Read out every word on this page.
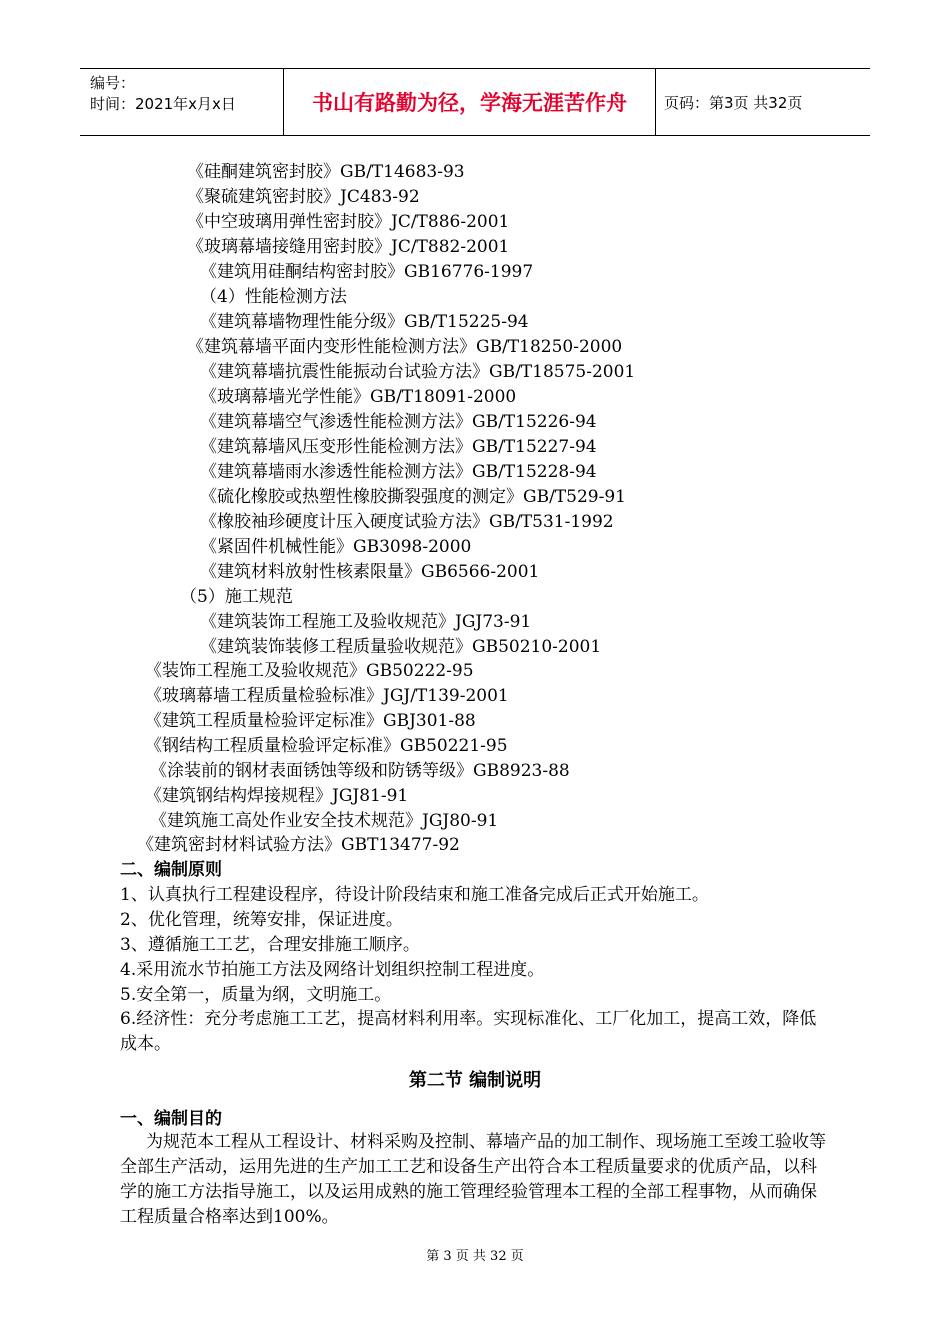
编号：
时间：2021年x月x日	书山有路勤为径，学海无涯苦作舟	页码：第3页 共32页
《硅酮建筑密封胶》GB/T14683-93
《聚硫建筑密封胶》JC483-92
《中空玻璃用弹性密封胶》JC/T886-2001
《玻璃幕墙接缝用密封胶》JC/T882-2001
《建筑用硅酮结构密封胶》GB16776-1997
（4）性能检测方法
《建筑幕墙物理性能分级》GB/T15225-94
《建筑幕墙平面内变形性能检测方法》GB/T18250-2000
《建筑幕墙抗震性能振动台试验方法》GB/T18575-2001
《玻璃幕墙光学性能》GB/T18091-2000
《建筑幕墙空气渗透性能检测方法》GB/T15226-94
《建筑幕墙风压变形性能检测方法》GB/T15227-94
《建筑幕墙雨水渗透性能检测方法》GB/T15228-94
《硫化橡胶或热塑性橡胶撕裂强度的测定》GB/T529-91
《橡胶袖珍硬度计压入硬度试验方法》GB/T531-1992
《紧固件机械性能》GB3098-2000
《建筑材料放射性核素限量》GB6566-2001
（5）施工规范
《建筑装饰工程施工及验收规范》JGJ73-91
《建筑装饰装修工程质量验收规范》GB50210-2001
《装饰工程施工及验收规范》GB50222-95
《玻璃幕墙工程质量检验标准》JGJ/T139-2001
《建筑工程质量检验评定标准》GBJ301-88
《钢结构工程质量检验评定标准》GB50221-95
《涂装前的钢材表面锈蚀等级和防锈等级》GB8923-88
《建筑钢结构焊接规程》JGJ81-91
《建筑施工高处作业安全技术规范》JGJ80-91
《建筑密封材料试验方法》GBT13477-92
二、编制原则
1、认真执行工程建设程序，待设计阶段结束和施工准备完成后正式开始施工。
2、优化管理，统筹安排，保证进度。
3、遵循施工工艺，合理安排施工顺序。
4.采用流水节拍施工方法及网络计划组织控制工程进度。
5.安全第一，质量为纲，文明施工。
6.经济性：充分考虑施工工艺，提高材料利用率。实现标准化、工厂化加工，提高工效，降低成本。
第二节 编制说明
一、编制目的
为规范本工程从工程设计、材料采购及控制、幕墙产品的加工制作、现场施工至竣工验收等全部生产活动，运用先进的生产加工工艺和设备生产出符合本工程质量要求的优质产品，以科学的施工方法指导施工，以及运用成熟的施工管理经验管理本工程的全部工程事物，从而确保工程质量合格率达到100%。
第 3 页 共 32 页
